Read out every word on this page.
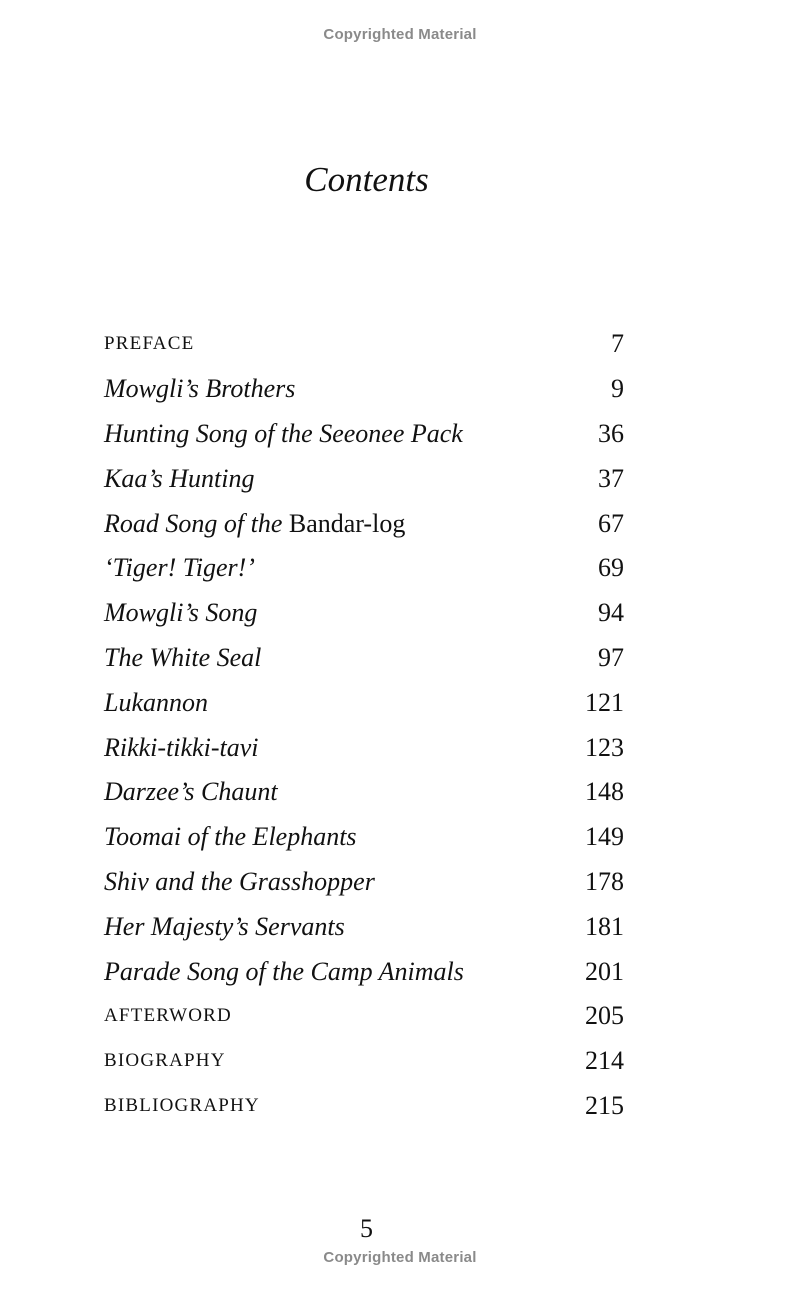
Copyrighted Material
Contents
PREFACE	7
Mowgli’s Brothers	9
Hunting Song of the Seeonee Pack	36
Kaa’s Hunting	37
Road Song of the Bandar-log	67
‘Tiger! Tiger!’	69
Mowgli’s Song	94
The White Seal	97
Lukannon	121
Rikki-tikki-tavi	123
Darzee’s Chaunt	148
Toomai of the Elephants	149
Shiv and the Grasshopper	178
Her Majesty’s Servants	181
Parade Song of the Camp Animals	201
AFTERWORD	205
BIOGRAPHY	214
BIBLIOGRAPHY	215
5
Copyrighted Material
